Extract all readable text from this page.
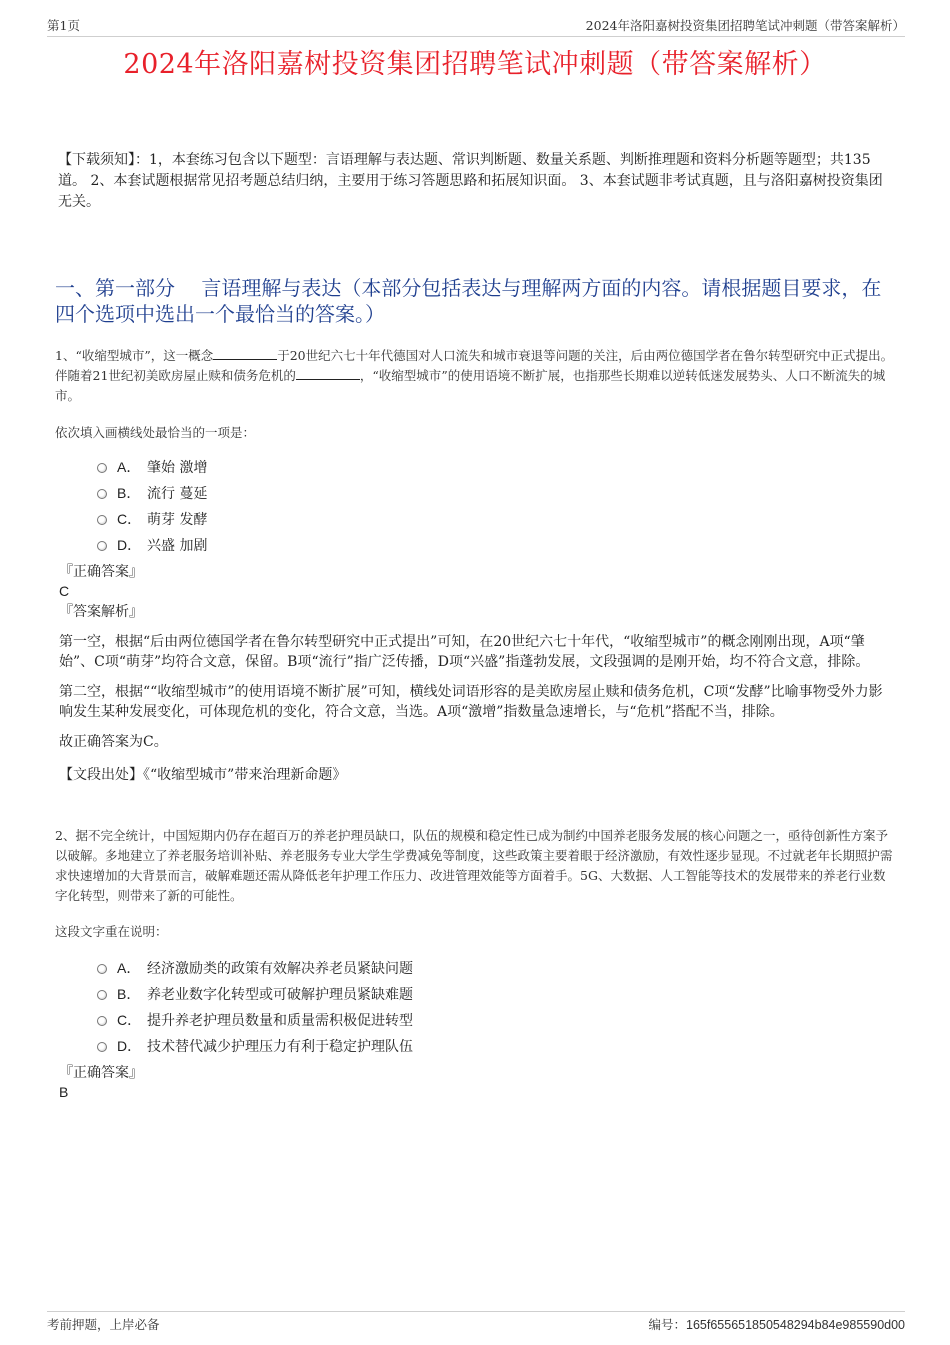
第1页	2024年洛阳嘉树投资集团招聘笔试冲刺题（带答案解析）
2024年洛阳嘉树投资集团招聘笔试冲刺题（带答案解析）
【下载须知】：1，本套练习包含以下题型：言语理解与表达题、常识判断题、数量关系题、判断推理题和资料分析题等题型；共135道。 2、本套试题根据常见招考题总结归纳，主要用于练习答题思路和拓展知识面。 3、本套试题非考试真题，且与洛阳嘉树投资集团无关。
一、第一部分　 言语理解与表达（本部分包括表达与理解两方面的内容。请根据题目要求，在四个选项中选出一个最恰当的答案。）

1、“收缩型城市”，这一概念	于20世纪六七十年代德国对人口流失和城市衰退等问题的关注，后由两位德国学者在鲁尔转型研究中正式提出。伴随着21世纪初美欧房屋止赎和债务危机的	，“收缩型城市”的使用语境不断扩展，也指那些长期难以逆转低迷发展势头、人口不断流失的城市。

依次填入画横线处最恰当的一项是：

A． 肇始 激增
B． 流行 蔓延
C． 萌芽 发酵
D． 兴盛 加剧

『正确答案』

C

『答案解析』

第一空，根据“后由两位德国学者在鲁尔转型研究中正式提出”可知，在20世纪六七十年代，“收缩型城市”的概念刚刚出现，A项“肇始”、C项“萌芽”均符合文意，保留。B项“流行”指广泛传播，D项“兴盛”指蓬勃发展，文段强调的是刚开始，均不符合文意，排除。

第二空，根据““收缩型城市”的使用语境不断扩展”可知，横线处词语形容的是美欧房屋止赎和债务危机，C项“发酵”比喻事物受外力影响发生某种发展变化，可体现危机的变化，符合文意，当选。A项“激增”指数量急速增长，与“危机”搭配不当，排除。

故正确答案为C。

【文段出处】《“收缩型城市”带来治理新命题》

2、据不完全统计，中国短期内仍存在超百万的养老护理员缺口，队伍的规模和稳定性已成为制约中国养老服务发展的核心问题之一，亟待创新性方案予以破解。多地建立了养老服务培训补贴、养老服务专业大学生学费减免等制度，这些政策主要着眼于经济激励，有效性逐步显现。不过就老年长期照护需求快速增加的大背景而言，破解难题还需从降低老年护理工作压力、改进管理效能等方面着手。5G、大数据、人工智能等技术的发展带来的养老行业数字化转型，则带来了新的可能性。

这段文字重在说明：

A． 经济激励类的政策有效解决养老员紧缺问题
B． 养老业数字化转型或可破解护理员紧缺难题
C． 提升养老护理员数量和质量需积极促进转型
D． 技术替代减少护理压力有利于稳定护理队伍

『正确答案』

B

考前押题，上岸必备	编号：165f65565185054829​4b84e985590d00
